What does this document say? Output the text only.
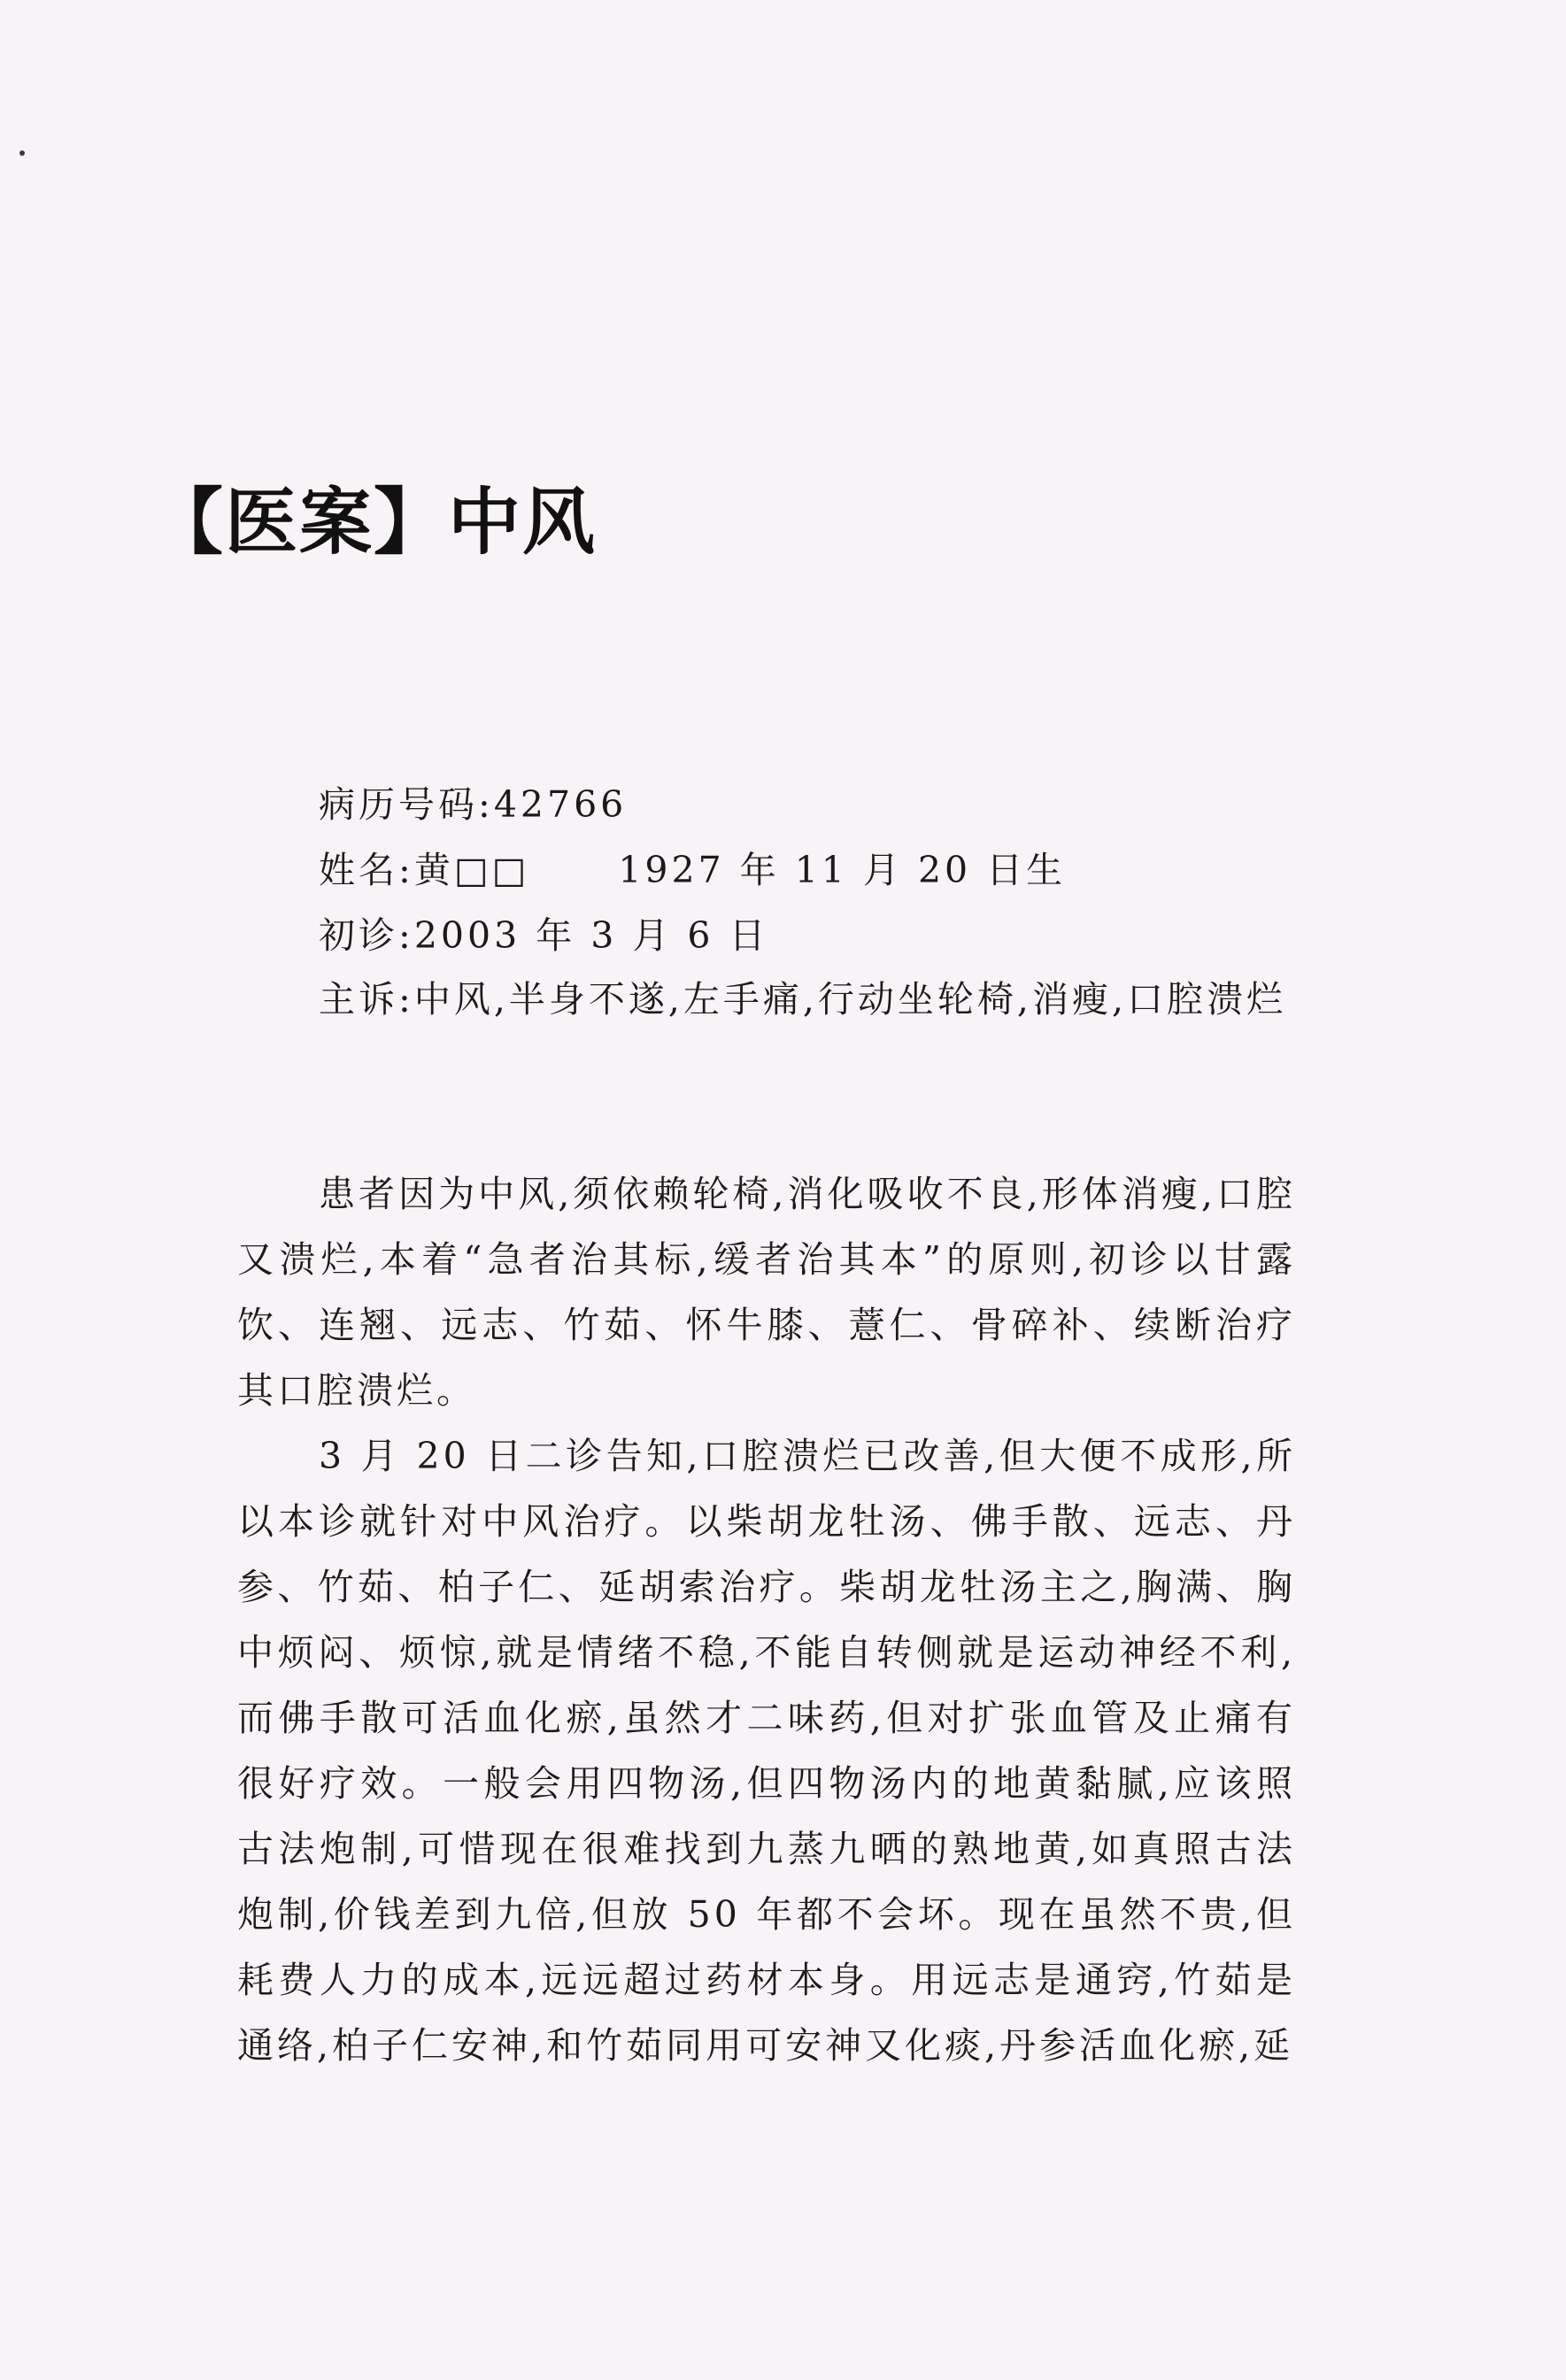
【医案】中风
病历号码:42766
姓名:黄□□ 1927 年 11 月 20 日生
初诊:2003 年 3 月 6 日
主诉:中风,半身不遂,左手痛,行动坐轮椅,消瘦,口腔溃烂

患者因为中风,须依赖轮椅,消化吸收不良,形体消瘦,口腔又溃烂,本着“急者治其标,缓者治其本”的原则,初诊以甘露饮、连翘、远志、竹茹、怀牛膝、薏仁、骨碎补、续断治疗其口腔溃烂。

3 月 20 日二诊告知,口腔溃烂已改善,但大便不成形,所以本诊就针对中风治疗。以柴胡龙牡汤、佛手散、远志、丹参、竹茹、柏子仁、延胡索治疗。柴胡龙牡汤主之,胸满、胸中烦闷、烦惊,就是情绪不稳,不能自转侧就是运动神经不利,而佛手散可活血化瘀,虽然才二味药,但对扩张血管及止痛有很好疗效。一般会用四物汤,但四物汤内的地黄黏腻,应该照古法炮制,可惜现在很难找到九蒸九晒的熟地黄,如真照古法炮制,价钱差到九倍,但放 50 年都不会坏。现在虽然不贵,但耗费人力的成本,远远超过药材本身。用远志是通窍,竹茹是通络,柏子仁安神,和竹茹同用可安神又化痰,丹参活血化瘀,延
